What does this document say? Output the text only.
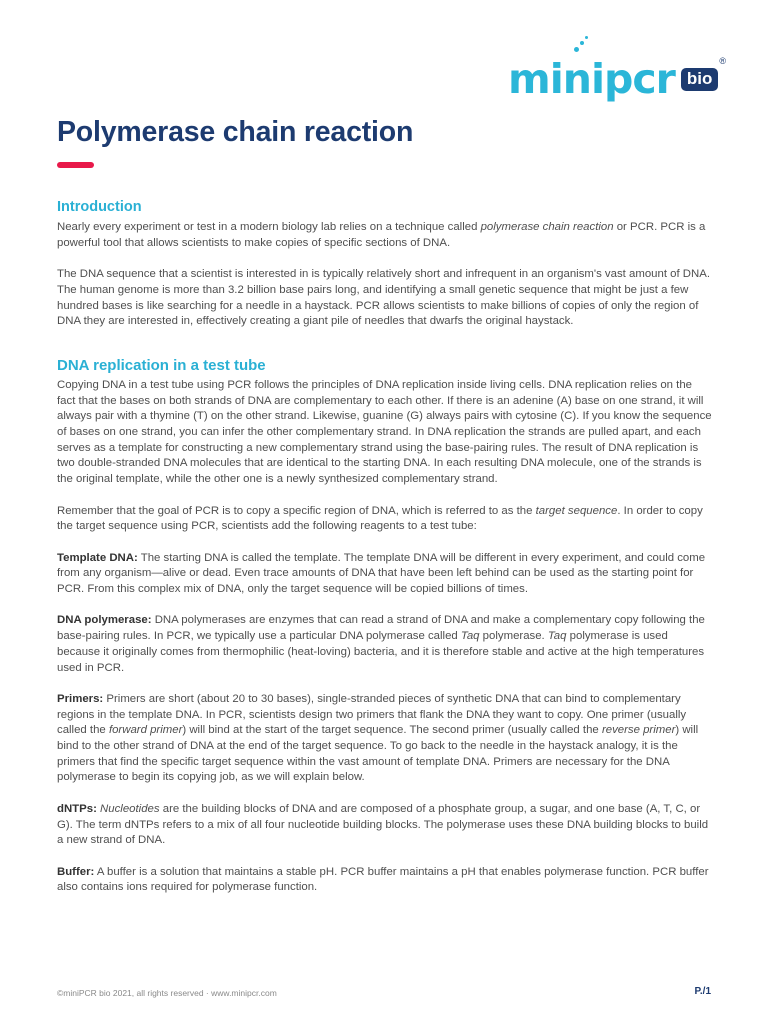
minipcr bio
®
Polymerase chain reaction
Introduction

Nearly every experiment or test in a modern biology lab relies on a technique called polymerase chain reaction or PCR. PCR is a powerful tool that allows scientists to make copies of specific sections of DNA.

The DNA sequence that a scientist is interested in is typically relatively short and infrequent in an organism's vast amount of DNA. The human genome is more than 3.2 billion base pairs long, and identifying a small genetic sequence that might be just a few hundred bases is like searching for a needle in a haystack. PCR allows scientists to make billions of copies of only the region of DNA they are interested in, effectively creating a giant pile of needles that dwarfs the original haystack.

DNA replication in a test tube

Copying DNA in a test tube using PCR follows the principles of DNA replication inside living cells. DNA replication relies on the fact that the bases on both strands of DNA are complementary to each other. If there is an adenine (A) base on one strand, it will always pair with a thymine (T) on the other strand. Likewise, guanine (G) always pairs with cytosine (C). If you know the sequence of bases on one strand, you can infer the other complementary strand. In DNA replication the strands are pulled apart, and each serves as a template for constructing a new complementary strand using the base-pairing rules. The result of DNA replication is two double-stranded DNA molecules that are identical to the starting DNA. In each resulting DNA molecule, one of the strands is the original template, while the other one is a newly synthesized complementary strand.

Remember that the goal of PCR is to copy a specific region of DNA, which is referred to as the target sequence. In order to copy the target sequence using PCR, scientists add the following reagents to a test tube:

Template DNA: The starting DNA is called the template. The template DNA will be different in every experiment, and could come from any organism—alive or dead. Even trace amounts of DNA that have been left behind can be used as the starting point for PCR. From this complex mix of DNA, only the target sequence will be copied billions of times.

DNA polymerase: DNA polymerases are enzymes that can read a strand of DNA and make a complementary copy following the base-pairing rules. In PCR, we typically use a particular DNA polymerase called Taq polymerase. Taq polymerase is used because it originally comes from thermophilic (heat-loving) bacteria, and it is therefore stable and active at the high temperatures used in PCR.

Primers: Primers are short (about 20 to 30 bases), single-stranded pieces of synthetic DNA that can bind to complementary regions in the template DNA. In PCR, scientists design two primers that flank the DNA they want to copy. One primer (usually called the forward primer) will bind at the start of the target sequence. The second primer (usually called the reverse primer) will bind to the other strand of DNA at the end of the target sequence. To go back to the needle in the haystack analogy, it is the primers that find the specific target sequence within the vast amount of template DNA. Primers are necessary for the DNA polymerase to begin its copying job, as we will explain below.

dNTPs: Nucleotides are the building blocks of DNA and are composed of a phosphate group, a sugar, and one base (A, T, C, or G). The term dNTPs refers to a mix of all four nucleotide building blocks. The polymerase uses these DNA building blocks to build a new strand of DNA.

Buffer: A buffer is a solution that maintains a stable pH. PCR buffer maintains a pH that enables polymerase function. PCR buffer also contains ions required for polymerase function.

©miniPCR bio 2021, all rights reserved · www.minipcr.com	P./1
